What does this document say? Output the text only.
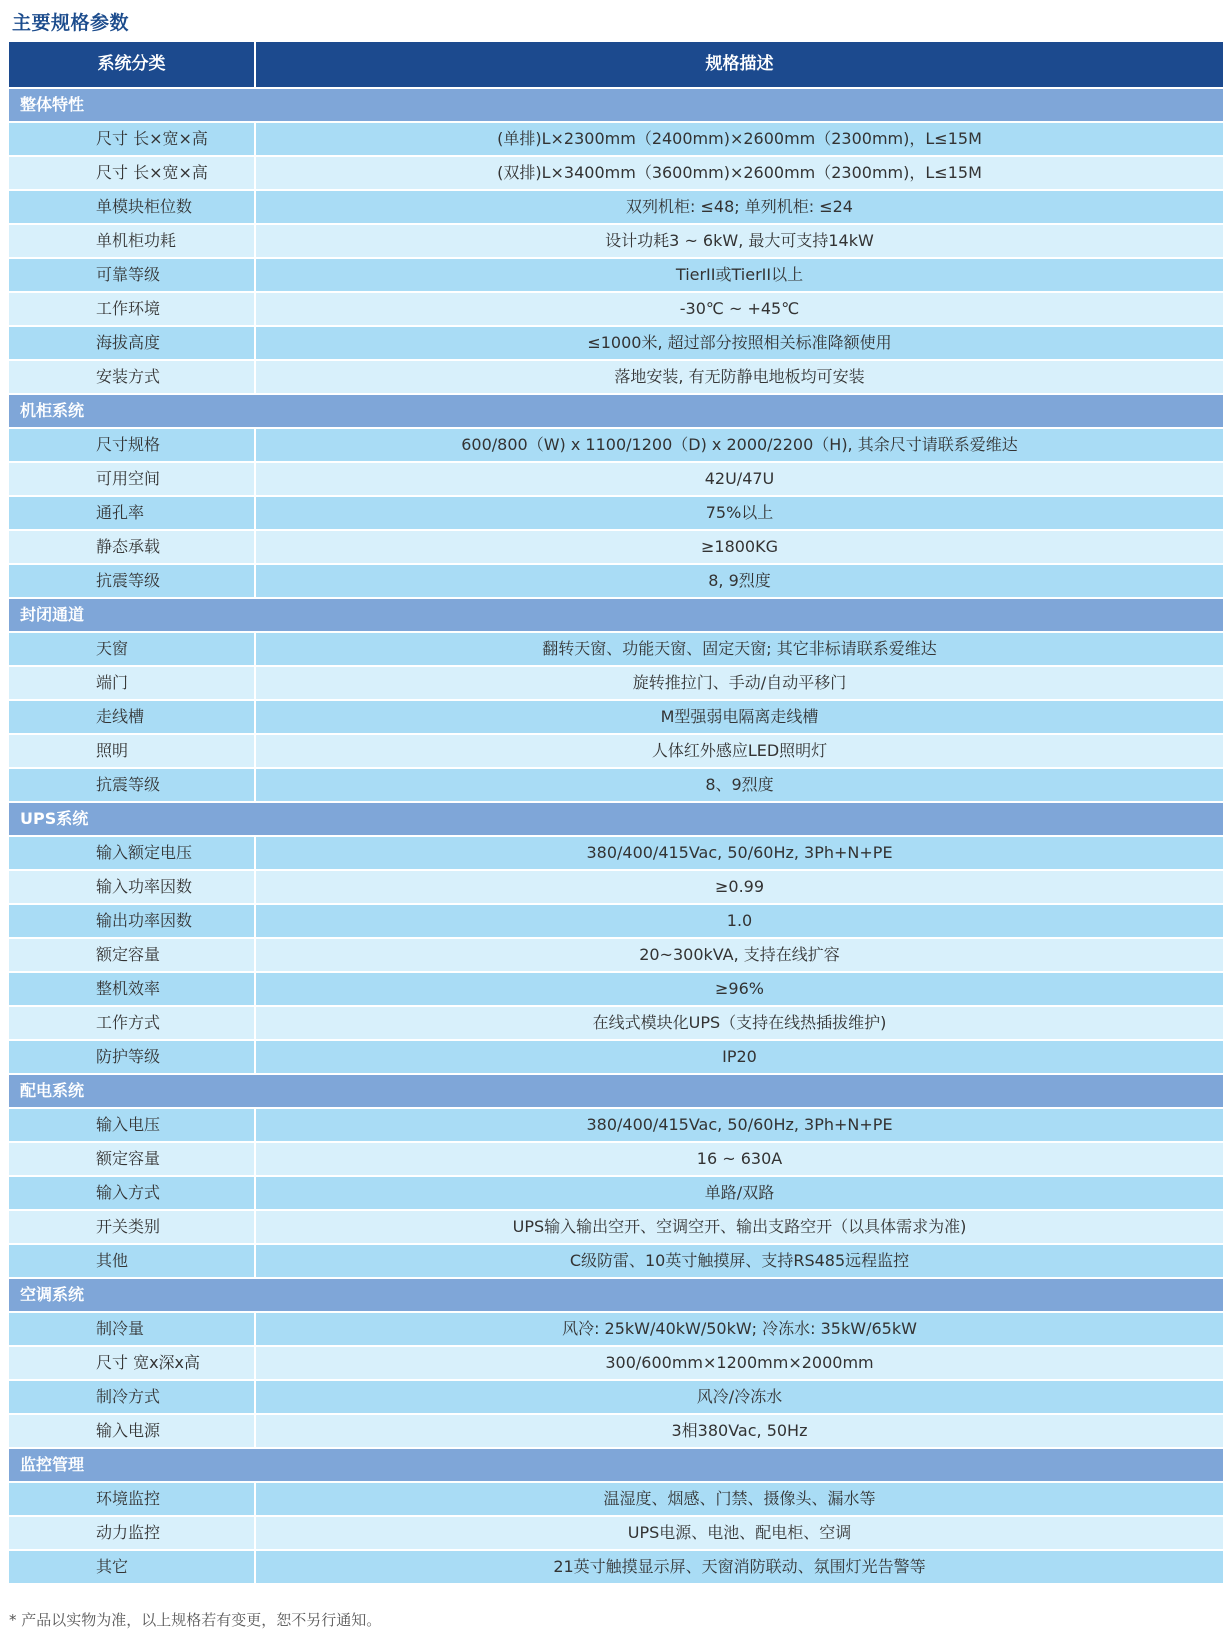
主要规格参数
系统分类	规格描述
整体特性	
尺寸 长×宽×高	(单排)L×2300mm（2400mm)×2600mm（2300mm)，L≤15M
尺寸 长×宽×高	(双排)L×3400mm（3600mm)×2600mm（2300mm)，L≤15M
单模块柜位数	双列机柜: ≤48; 单列机柜: ≤24
单机柜功耗	设计功耗3 ~ 6kW, 最大可支持14kW
可靠等级	TierII或TierII以上
工作环境	-30℃ ~ +45℃
海拔高度	≤1000米, 超过部分按照相关标准降额使用
安装方式	落地安装, 有无防静电地板均可安装
机柜系统	
尺寸规格	600/800（W) x 1100/1200（D) x 2000/2200（H), 其余尺寸请联系爱维达
可用空间	42U/47U
通孔率	75%以上
静态承载	≥1800KG
抗震等级	8, 9烈度
封闭通道	
天窗	翻转天窗、功能天窗、固定天窗; 其它非标请联系爱维达
端门	旋转推拉门、手动/自动平移门
走线槽	M型强弱电隔离走线槽
照明	人体红外感应LED照明灯
抗震等级	8、9烈度
UPS系统	
输入额定电压	380/400/415Vac, 50/60Hz, 3Ph+N+PE
输入功率因数	≥0.99
输出功率因数	1.0
额定容量	20~300kVA, 支持在线扩容
整机效率	≥96%
工作方式	在线式模块化UPS（支持在线热插拔维护)
防护等级	IP20
配电系统	
输入电压	380/400/415Vac, 50/60Hz, 3Ph+N+PE
额定容量	16 ~ 630A
输入方式	单路/双路
开关类别	UPS输入输出空开、空调空开、输出支路空开（以具体需求为准)
其他	C级防雷、10英寸触摸屏、支持RS485远程监控
空调系统	
制冷量	风冷: 25kW/40kW/50kW; 冷冻水: 35kW/65kW
尺寸 宽x深x高	300/600mm×1200mm×2000mm
制冷方式	风冷/冷冻水
输入电源	3相380Vac, 50Hz
监控管理	
环境监控	温湿度、烟感、门禁、摄像头、漏水等
动力监控	UPS电源、电池、配电柜、空调
其它	21英寸触摸显示屏、天窗消防联动、氛围灯光告警等
* 产品以实物为准，以上规格若有变更，恕不另行通知。
